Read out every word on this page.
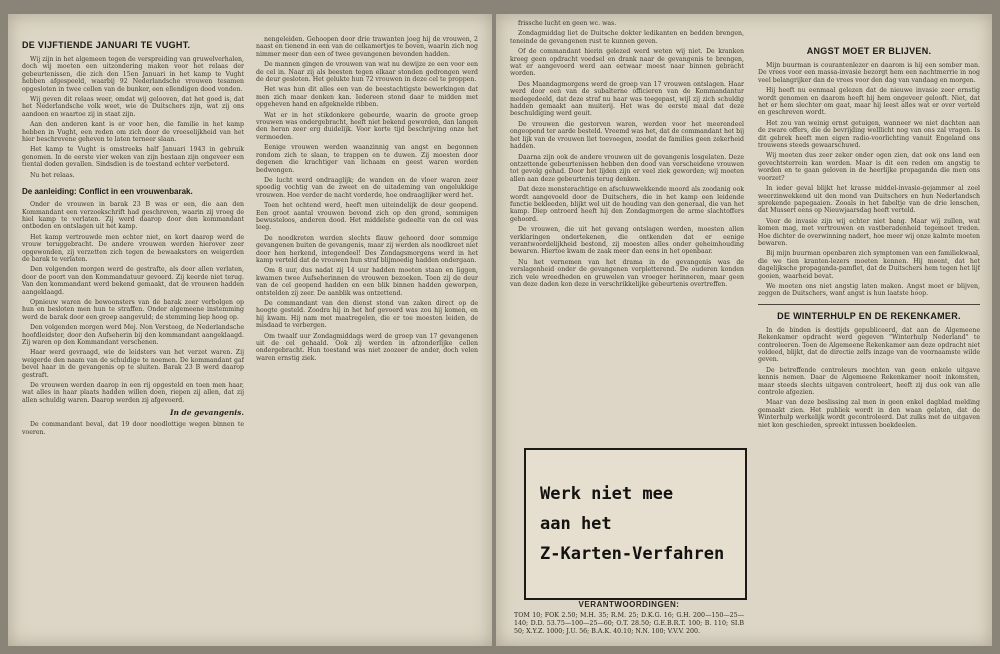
DE VIJFTIENDE JANUARI TE VUGHT.

Wij zijn in het algemeen tegen de verspreiding van gruwelverhalen, doch wij moeten een uitzondering maken voor het relaas der gebeurtenissen, die zich den 15en Januari in het kamp te Vught hebben afgespeeld, waarbij 92 Nederlandsche vrouwen tesamen opgesloten in twee cellen van de bunker, een ellendigen dood vonden.

Wij geven dit relaas weer, omdat wij gelooven, dat het goed is, dat het Nederlandsche volk weet, wie de Duitschers zijn, wat zij ons aandoen en waartoe zij in staat zijn.

Aan den anderen kant is er voor hen, die familie in het kamp hebben in Vught, een reden om zich door de vreeselijkheid van het hier beschrevene geheven te laten terneer slaan.

Het kamp te Vught is omstreeks half Januari 1943 in gebruik genomen. In de eerste vier weken van zijn bestaan zijn ongeveer een tiental doden gevallen. Sindsdien is de toestand echter verbeterd.

Nu het relaas.

De aanleiding: Conflict in een vrouwenbarak.

Onder de vrouwen in barak 23 B was er een, die aan den Kommandant een verzoekschrift had geschreven, waarin zij vroeg de hiel kamp te verlaten. Zij werd daarop door den kommandant ontboden en ontslagen uit het kamp.

Het kamp vertrouwde men echter niet, en kort daarop werd de vrouw teruggebracht. De andere vrouwen werden hierover zeer opgewonden, zij verzetten zich tegen de bewaaksters en weigerden de barak te verlaten.

Den volgenden morgen werd de gestrafte, als door allen verlaten, door de poort van den Kommandatuur gevoerd. Zij keerde niet terug. Van den kommandant werd bekend gemaakt, dat de vrouwen hadden aangeklaagd.

Opnieuw waren de bewoonsters van de barak zeer verbolgen op hun en besloten men hun te straffen. Onder algemeene instemming werd de barak door een groep aangevuld; de stemming liep hoog op.

Den volgenden morgen werd Mej. Non Versteeg, de Nederlandsche hoofdleidster, door den Aufseherin bij den kommandant aangeklaagd. Zij waren op den Kommandant verschenen.

Haar werd gevraagd, wie de leidsters van het verzet waren. Zij weigerde den naam van de schuldige te noemen. De kommandant gaf bevel haar in de gevangenis op te sluiten. Barak 23 B werd daarop gestraft.

De vrouwen werden daarop in een rij opgesteld en toen men haar, wat alles in haar plaats hadden willen doen, riepen zij allen, dat zij allen schuldig waren. Daarop werden zij afgevoerd.

In de gevangenis.

De commandant beval, dat 19 door noodlottige wegen binnen te voeren.

nengeleiden. Gehoopen door drie trawanten joeg hij de vrouwen, 2 naast en tienend in een van de celkamertjes te boven, waarin zich nog nimmer meer dan een of twee gevangenen bevonden hadden.

De mannen gingen de vrouwen van wat nu dewijze ze een voor een de cel in. Naar zij als beesten tegen elkaar stonden gedrongen werd de deur gesloten. Het gelukte hun 72 vrouwen in deze cel te proppen.

Het was hun dit alles een van de beestachtigste bewerkingen dat men zich maar denken kan. Iedereen stond daar te midden met opgeheven hand en afgeknelde ribben.

Wat er in het stikdonkere gebeurde, waarin de groote groep vrouwen was ondergebracht, heeft niet bekend geworden, dan langen den heran zeer erg duidelijk. Voor korte tijd beschrijving onze het vermoeden.

Eenige vrouwen werden waanzinnig van angst en begonnen rondom zich te slaan, te trappen en te duwen. Zij moesten door degenen die krachtiger van lichaam en geest waren worden bedwongen.

De lucht werd ondraaglijk; de wanden en de vloer waren zeer spoedig vochtig van de zweet en de uitademing van ongelukkige vrouwen. Hoe verder de nacht vorderde, hoe ondraaglijker werd het.

Toen het ochtend werd, heeft men uiteindelijk de deur geopend. Een groot aantal vrouwen bevond zich op den grond, sommigen bewusteloos, anderen dood. Het middelste gedeelte van de cel was leeg.

De noodkreten werden slechts flauw gehoord door sommige gevangenen buiten de gevangenis, maar zij werden als noodkreet niet door hen herkend, integendeel! Des Zondagsmorgens werd in het kamp verteld dat de vrouwen hun straf blijmoedig hadden ondergaan.

Om 8 uur, dus nadat zij 14 uur hadden moeten staan en liggen, kwamen twee Aufseherinnen de vrouwen bezoeken. Toen zij de deur van de cel geopend hadden en een blik binnen hadden geworpen, ontstelden zij zeer. De aanblik was ontzettend.

De commandant van den dienst stond van zaken direct op de hoogte gesteld. Zoodra hij in het hof gevoerd was zou hij komen, en hij kwam. Hij nam met maatregelen, die er toe moesten leiden, de misdaad te verbergen.

Om twaalf uur Zondagmiddags werd de groep van 17 gevangenen uit de cel gehaald. Ook zij werden in afzonderlijke cellen ondergebracht. Hun toestand was niet zoozeer de ander, doch velen waren ernstig ziek.

frissche lucht en geen wc. was.

Zondagmiddag liet de Duitsche dokter ledikanten en bedden brengen, teneinde de gevangenen rust te kunnen geven.

Of de commandant hierin gelezed werd weten wij niet. De kranken kreeg geen opdracht voedsel en drank naar de gevangenis te brengen, wat er aangevoerd werd aan eetwaar moest naar binnen gebracht worden.

Des Maandagmorgens werd de groep van 17 vrouwen ontslagen. Haar werd door een van de subalterne officieren van de Kommandantur medegedeeld, dat deze straf nu haar was toegepast, wijl zij zich schuldig hadden gemaakt aan muiterij. Het was de eerste maal dat deze beschuldiging werd geuit.

De vrouwen die gestorven waren, werden voor het meerendeel ongeopend ter aarde besteld. Vreemd was het, dat de commandant het bij het lijk van de vrouwen liet toevoegen, zoodat de families geen zekerheid hadden.

Daarna zijn ook de andere vrouwen uit de gevangenis losgelaten. Deze ontzettende gebeurtenissen hebben den dood van verscheidene vrouwen tot gevolg gehad. Door het lijden zijn er veel ziek geworden; wij moeten allen aan deze gebeurtenis terug denken.

Dat deze monsterachtige en afschuwwekkende moord als zoodanig ook wordt aangevoeld door de Duitschers, die in het kamp een leidende functie bekleeden, blijkt wel uit de houding van den generaal, die van het kamp. Diep ontroerd heeft hij den Zondagmorgen de arme slachtoffers gehoord.

De vrouwen, die uit het gevang ontslagen werden, moesten allen verklaringen ondertekenen, die ontkenden dat er eenige verantwoordelijkheid bestond, zij moesten alles onder geheimhouding bewaren. Hiertoe kwam de zaak meer dan eens in het openbaar.

Nu het vernemen van het drama in de gevangenis was de verslagenheid onder de gevangenen verpletterend. De ouderen konden zich vele wreedheden en gruwelen van vroeger herinneren, maar geen van deze daden kon deze in verschrikkelijke gebeurtenis overtreffen.

Werk niet mee
aan het
Z-Karten-Verfahren
VERANTWOORDINGEN:
TOM 10; FOK 2.50; M.H. 35; R.M. 25; D.K.G. 16; G.H. 200—150—25—140; D.D. 53.75—100—25—60; O.T. 28.50; G.E.B.R.T. 100; B. 110; SI.B 50; X.Y.Z. 1000; J.U. 56; B.A.K. 40.10; N.N. 100; V.V.V. 200.
ANGST MOET ER BLIJVEN.

Mijn buurman is courantenlezer en daarom is hij een somber man. De vrees voor een massa-invasie bezorgt hem een nachtmerrie in nog veel belangrijker dan de vrees voor den dag van vandaag en morgen.

Hij heeft nu eenmaal gelezen dat de nieuwe invasie zeer ernstig wordt genomen en daarom heeft hij hem ongeveer gelooft. Niet, dat het er hem slechter om gaat, maar hij leest alles wat er over verteld en geschreven wordt.

Het zou van weinig ernst getuigen, wanneer we niet dachten aan de zware offers, die de bevrijding welllicht nog van ons zal vragen. Is dit gebrek heeft men eigen radio-voorlichting vanuit Engeland ons trouwens steeds gewaarschuwd.

Wij moeten dus zeer zeker onder ogen zien, dat ook ons land een gevechtsterrein kan worden. Maar is dit een reden om angstig te worden en te gaan geloven in de heerlijke propaganda die men ons voorzet?

In ieder geval blijkt het krasse middel-invasie-gejammer al zeel weerzinwekkend uit den mond van Duitschers en hun Nederlandsch sprekende papegaaien. Zooals in het fabeltje van de drie lenschen, dat Mussert eens op Nieuwjaarsdag heeft verteld.

Voor de invasie zijn wij echter niet bang. Maar wij zullen, wat komen mag, met vertrouwen en vastberadenheid tegemoet treden. Hoe dichter de overwinning nadert, hoe meer wij onze kalmte moeten bewaren.

Bij mijn buurman openbaren zich symptomen van een familiekwaal, die we tien kranten-lezers moeten kennen. Hij meent, dat het dagelijksche propaganda-pamflet, dat de Duitschers hem tegen het lijf gooien, waarheid bevat.

We moeten ons niet angstig laten maken. Angst moet er blijven, zeggen de Duitschers, want angst is hun laatste hoop.

DE WINTERHULP EN DE REKENKAMER.

In de binden is destijds gepubliceerd, dat aan de Algemeene Rekenkamer opdracht werd gegeven "Winterhulp Nederland" te controleeren. Toen de Algemeene Rekenkamer aan deze opdracht niet voldeed, blijkt, dat de directie zelfs inzage van de voornaamste wilde geven.

De betreffende controleurs mochten van geen enkele uitgave kennis nemen. Daar de Algemeene Rekenkamer nooit inkomsten, maar steeds slechts uitgaven controleert, heeft zij dus ook van alle controle afgezien.

Maar van deze beslissing zal men in geen enkel dagblad melding gemaakt zien. Het publiek wordt in den waan gelaten, dat de Winterhulp werkelijk wordt gecontroleerd. Dat zulks met de uitgaven niet kon geschieden, spreekt intussen boekdeelen.
